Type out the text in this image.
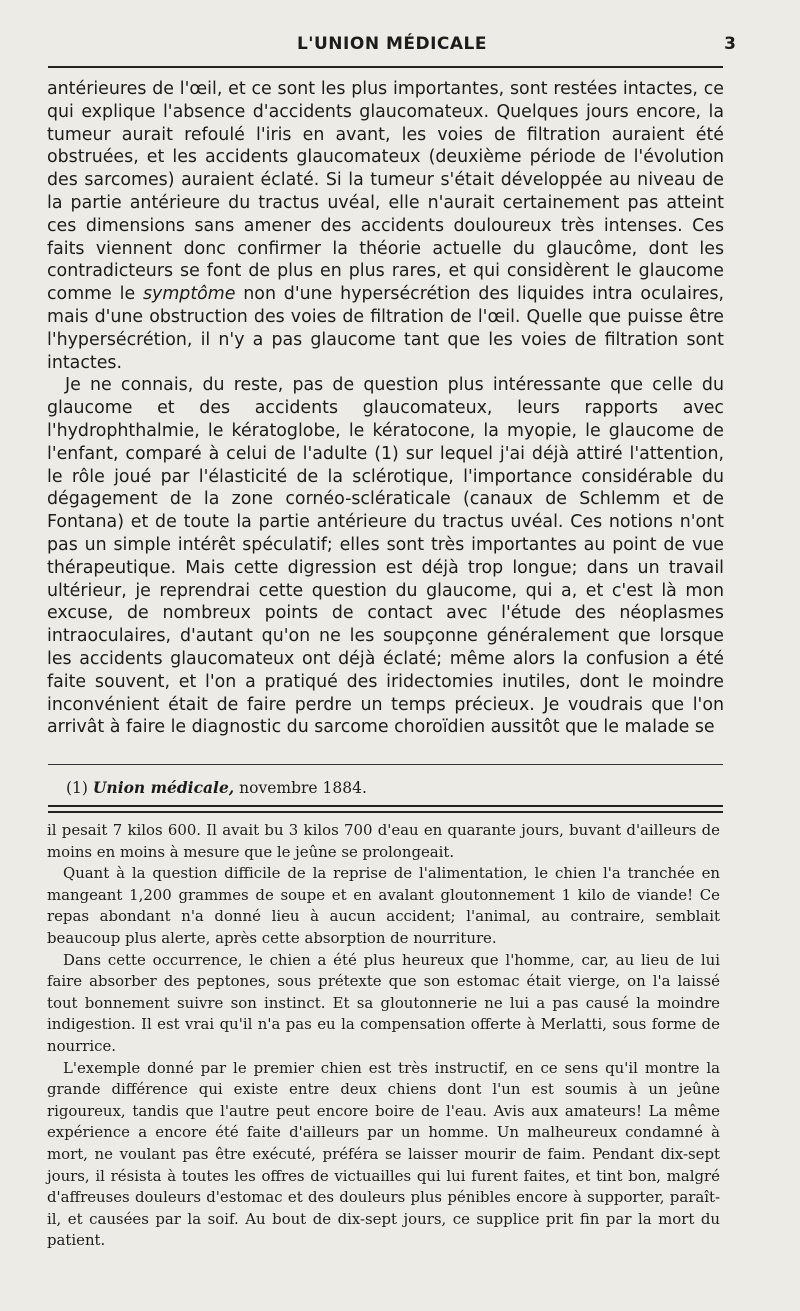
L'UNION MÉDICALE	3

antérieures de l'œil, et ce sont les plus importantes, sont restées intactes, ce qui explique l'absence d'accidents glaucomateux. Quelques jours encore, la tumeur aurait refoulé l'iris en avant, les voies de filtration auraient été obstruées, et les accidents glaucomateux (deuxième période de l'évolution des sarcomes) auraient éclaté. Si la tumeur s'était développée au niveau de la partie antérieure du tractus uvéal, elle n'aurait certainement pas atteint ces dimensions sans amener des accidents douloureux très intenses. Ces faits viennent donc confirmer la théorie actuelle du glaucôme, dont les contradicteurs se font de plus en plus rares, et qui considèrent le glaucome comme le symptôme non d'une hypersécrétion des liquides intra oculaires, mais d'une obstruction des voies de filtration de l'œil. Quelle que puisse être l'hypersécrétion, il n'y a pas glaucome tant que les voies de filtration sont intactes.

Je ne connais, du reste, pas de question plus intéressante que celle du glaucome et des accidents glaucomateux, leurs rapports avec l'hydrophthalmie, le kératoglobe, le kératocone, la myopie, le glaucome de l'enfant, comparé à celui de l'adulte (1) sur lequel j'ai déjà attiré l'attention, le rôle joué par l'élasticité de la sclérotique, l'importance considérable du dégagement de la zone cornéo-sclératicale (canaux de Schlemm et de Fontana) et de toute la partie antérieure du tractus uvéal. Ces notions n'ont pas un simple intérêt spéculatif; elles sont très importantes au point de vue thérapeutique. Mais cette digression est déjà trop longue; dans un travail ultérieur, je reprendrai cette question du glaucome, qui a, et c'est là mon excuse, de nombreux points de contact avec l'étude des néoplasmes intraoculaires, d'autant qu'on ne les soupçonne généralement que lorsque les accidents glaucomateux ont déjà éclaté; même alors la confusion a été faite souvent, et l'on a pratiqué des iridectomies inutiles, dont le moindre inconvénient était de faire perdre un temps précieux. Je voudrais que l'on arrivât à faire le diagnostic du sarcome choroïdien aussitôt que le malade se

(1) Union médicale, novembre 1884.

il pesait 7 kilos 600. Il avait bu 3 kilos 700 d'eau en quarante jours, buvant d'ailleurs de moins en moins à mesure que le jeûne se prolongeait.

Quant à la question difficile de la reprise de l'alimentation, le chien l'a tranchée en mangeant 1,200 grammes de soupe et en avalant gloutonnement 1 kilo de viande! Ce repas abondant n'a donné lieu à aucun accident; l'animal, au contraire, semblait beaucoup plus alerte, après cette absorption de nourriture.

Dans cette occurrence, le chien a été plus heureux que l'homme, car, au lieu de lui faire absorber des peptones, sous prétexte que son estomac était vierge, on l'a laissé tout bonnement suivre son instinct. Et sa gloutonnerie ne lui a pas causé la moindre indigestion. Il est vrai qu'il n'a pas eu la compensation offerte à Merlatti, sous forme de nourrice.

L'exemple donné par le premier chien est très instructif, en ce sens qu'il montre la grande différence qui existe entre deux chiens dont l'un est soumis à un jeûne rigoureux, tandis que l'autre peut encore boire de l'eau. Avis aux amateurs! La même expérience a encore été faite d'ailleurs par un homme. Un malheureux condamné à mort, ne voulant pas être exécuté, préféra se laisser mourir de faim. Pendant dix-sept jours, il résista à toutes les offres de victuailles qui lui furent faites, et tint bon, malgré d'affreuses douleurs d'estomac et des douleurs plus pénibles encore à supporter, paraît-il, et causées par la soif. Au bout de dix-sept jours, ce supplice prit fin par la mort du patient.
